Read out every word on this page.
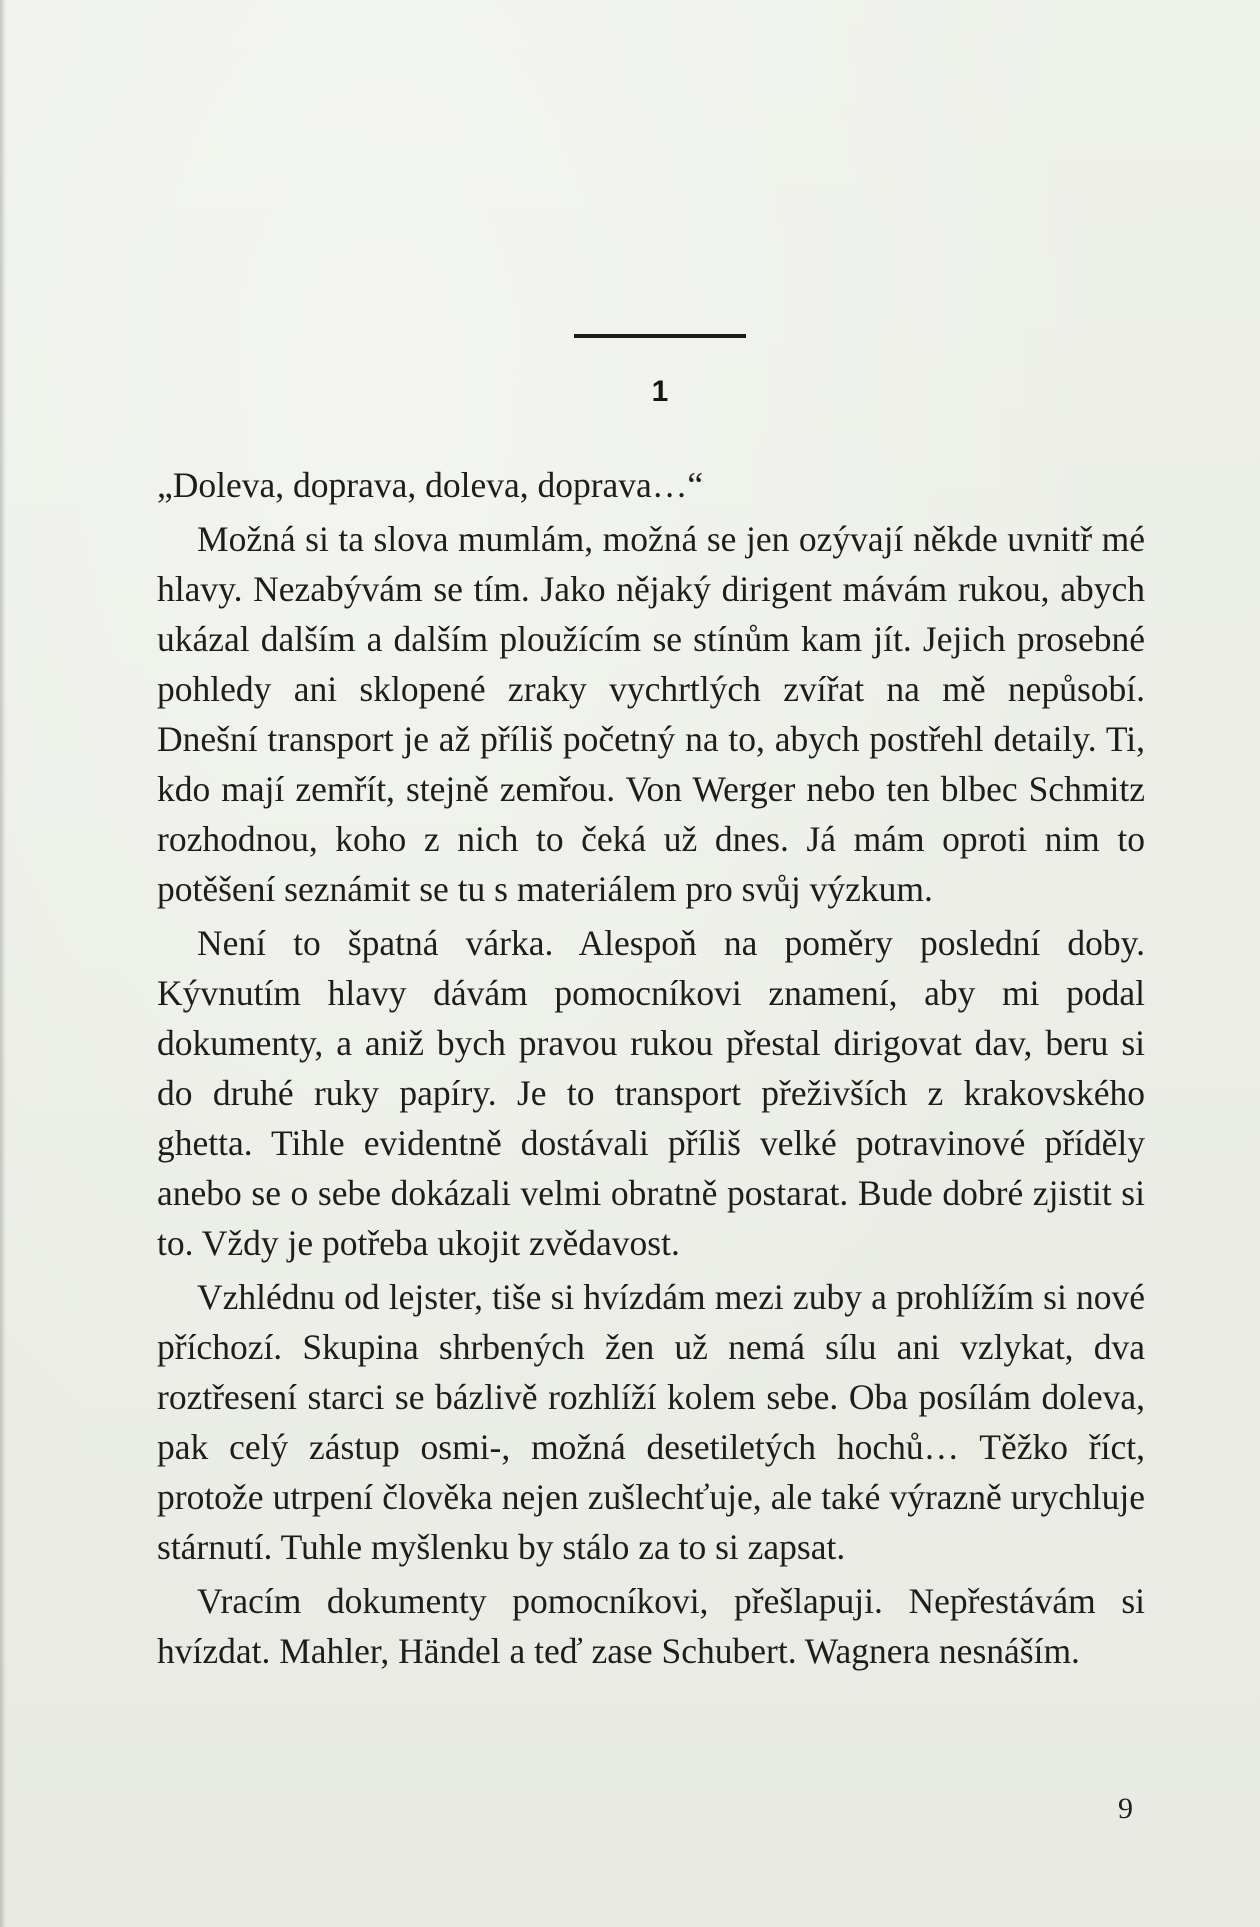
1

„Doleva, doprava, doleva, doprava…“

Možná si ta slova mumlám, možná se jen ozývají někde uvnitř mé hlavy. Nezabývám se tím. Jako nějaký dirigent mávám rukou, abych ukázal dalším a dalším ploužícím se stínům kam jít. Jejich prosebné pohledy ani sklopené zraky vychrtlých zvířat na mě nepůsobí. Dnešní transport je až příliš početný na to, abych postřehl detaily. Ti, kdo mají zemřít, stejně zemřou. Von Werger nebo ten blbec Schmitz rozhodnou, koho z nich to čeká už dnes. Já mám oproti nim to potěšení seznámit se tu s materiálem pro svůj výzkum.

Není to špatná várka. Alespoň na poměry poslední doby. Kývnutím hlavy dávám pomocníkovi znamení, aby mi podal dokumenty, a aniž bych pravou rukou přestal dirigovat dav, beru si do druhé ruky papíry. Je to transport přeživších z krakovského ghetta. Tihle evidentně dostávali příliš velké potravinové příděly anebo se o sebe dokázali velmi obratně postarat. Bude dobré zjistit si to. Vždy je potřeba ukojit zvědavost.

Vzhlédnu od lejster, tiše si hvízdám mezi zuby a prohlížím si nové příchozí. Skupina shrbených žen už nemá sílu ani vzlykat, dva roztřesení starci se bázlivě rozhlíží kolem sebe. Oba posílám doleva, pak celý zástup osmi-, možná desetiletých hochů… Těžko říct, protože utrpení člověka nejen zušlechťuje, ale také výrazně urychluje stárnutí. Tuhle myšlenku by stálo za to si zapsat.

Vracím dokumenty pomocníkovi, přešlapuji. Nepřestávám si hvízdat. Mahler, Händel a teď zase Schubert. Wagnera nesnáším.

9
